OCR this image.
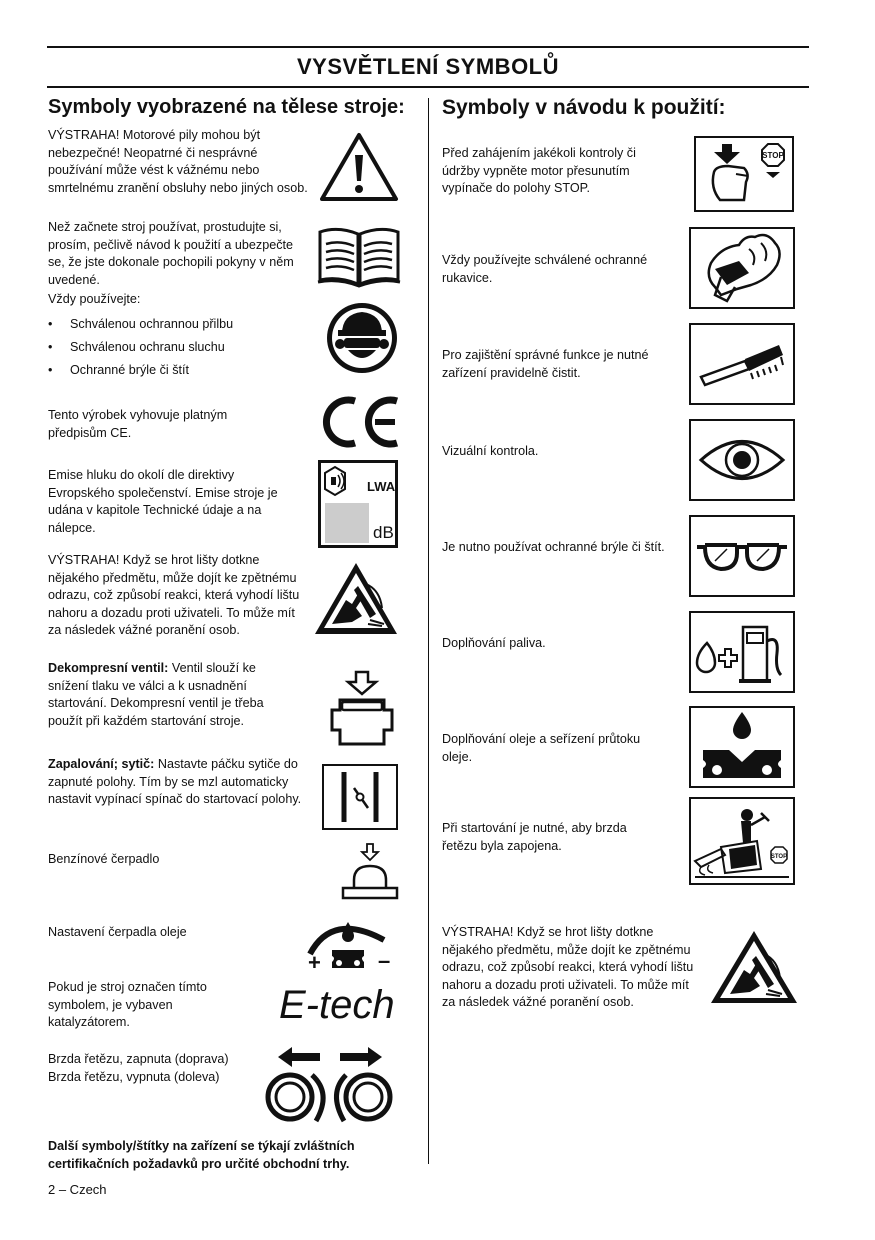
VYSVĚTLENÍ SYMBOLŮ
Symboly vyobrazené na tělese stroje: Symboly v návodu k použití:
VÝSTRAHA! Motorové pily mohou být nebezpečné! Neopatrné či nesprávné používání může vést k vážnému nebo smrtelnému zranění obsluhy nebo jiných osob.
Než začnete stroj používat, prostudujte si, prosím, pečlivě návod k použití a ubezpečte se, že jste dokonale pochopili pokyny v něm uvedené.
Vždy používejte:
• Schválenou ochrannou přilbu
• Schválenou ochranu sluchu
• Ochranné brýle či štít
Tento výrobek vyhovuje platným předpisům CE.
Emise hluku do okolí dle direktivy Evropského společenství. Emise stroje je udána v kapitole Technické údaje a na nálepce.
VÝSTRAHA! Když se hrot lišty dotkne nějakého předmětu, může dojít ke zpětnému odrazu, což způsobí reakci, která vyhodí lištu nahoru a dozadu proti uživateli. To může mít za následek vážné poranění osob.
Dekompresní ventil: Ventil slouží ke snížení tlaku ve válci a k usnadnění startování. Dekompresní ventil je třeba použít při každém startování stroje.
Zapalování; sytič: Nastavte páčku sytiče do zapnuté polohy. Tím by se mzl automaticky nastavit vypínací spínač do startovací polohy.
Benzínové čerpadlo
Nastavení čerpadla oleje
Pokud je stroj označen tímto symbolem, je vybaven katalyzátorem.
Brzda řetězu, zapnuta (doprava)
Brzda řetězu, vypnuta (doleva)
Další symboly/štítky na zařízení se týkají zvláštních certifikačních požadavků pro určité obchodní trhy.
2 – Czech
LWA
dB
+	–
E-tech
Před zahájením jakékoli kontroly či údržby vypněte motor přesunutím vypínače do polohy STOP.
Vždy používejte schválené ochranné rukavice.
Pro zajištění správné funkce je nutné zařízení pravidelně čistit.
Vizuální kontrola.
Je nutno používat ochranné brýle či štít.
Doplňování paliva.
Doplňování oleje a seřízení průtoku oleje.
Při startování je nutné, aby brzda řetězu byla zapojena.
VÝSTRAHA! Když se hrot lišty dotkne nějakého předmětu, může dojít ke zpětnému odrazu, což způsobí reakci, která vyhodí lištu nahoru a dozadu proti uživateli. To může mít za následek vážné poranění osob.
STOP
STOP
